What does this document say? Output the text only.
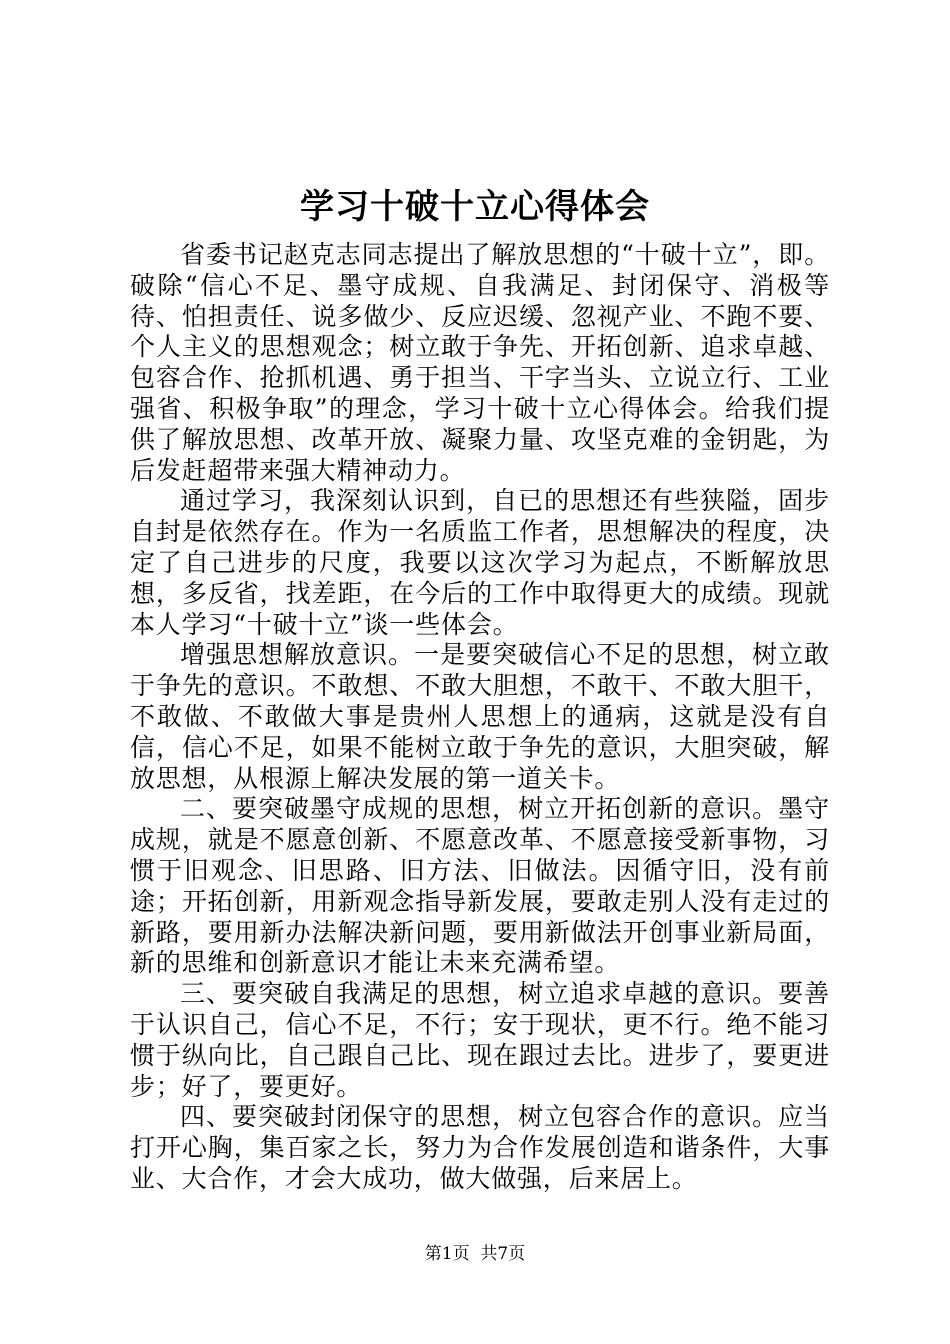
学习十破十立心得体会

省委书记赵克志同志提出了解放思想的“十破十立”，即。破除“信心不足、墨守成规、自我满足、封闭保守、消极等待、怕担责任、说多做少、反应迟缓、忽视产业、不跑不要、个人主义的思想观念；树立敢于争先、开拓创新、追求卓越、包容合作、抢抓机遇、勇于担当、干字当头、立说立行、工业强省、积极争取”的理念，学习十破十立心得体会。给我们提供了解放思想、改革开放、凝聚力量、攻坚克难的金钥匙，为后发赶超带来强大精神动力。

通过学习，我深刻认识到，自已的思想还有些狭隘，固步自封是依然存在。作为一名质监工作者，思想解决的程度，决定了自己进步的尺度，我要以这次学习为起点，不断解放思想，多反省，找差距，在今后的工作中取得更大的成绩。现就本人学习“十破十立”谈一些体会。

增强思想解放意识。一是要突破信心不足的思想，树立敢于争先的意识。不敢想、不敢大胆想，不敢干、不敢大胆干，不敢做、不敢做大事是贵州人思想上的通病，这就是没有自信，信心不足，如果不能树立敢于争先的意识，大胆突破，解放思想，从根源上解决发展的第一道关卡。

二、要突破墨守成规的思想，树立开拓创新的意识。墨守成规，就是不愿意创新、不愿意改革、不愿意接受新事物，习惯于旧观念、旧思路、旧方法、旧做法。因循守旧，没有前途；开拓创新，用新观念指导新发展，要敢走别人没有走过的新路，要用新办法解决新问题，要用新做法开创事业新局面，新的思维和创新意识才能让未来充满希望。

三、要突破自我满足的思想，树立追求卓越的意识。要善于认识自己，信心不足，不行；安于现状，更不行。绝不能习惯于纵向比，自己跟自己比、现在跟过去比。进步了，要更进步；好了，要更好。

四、要突破封闭保守的思想，树立包容合作的意识。应当打开心胸，集百家之长，努力为合作发展创造和谐条件，大事业、大合作，才会大成功，做大做强，后来居上。

第1页  共7页
